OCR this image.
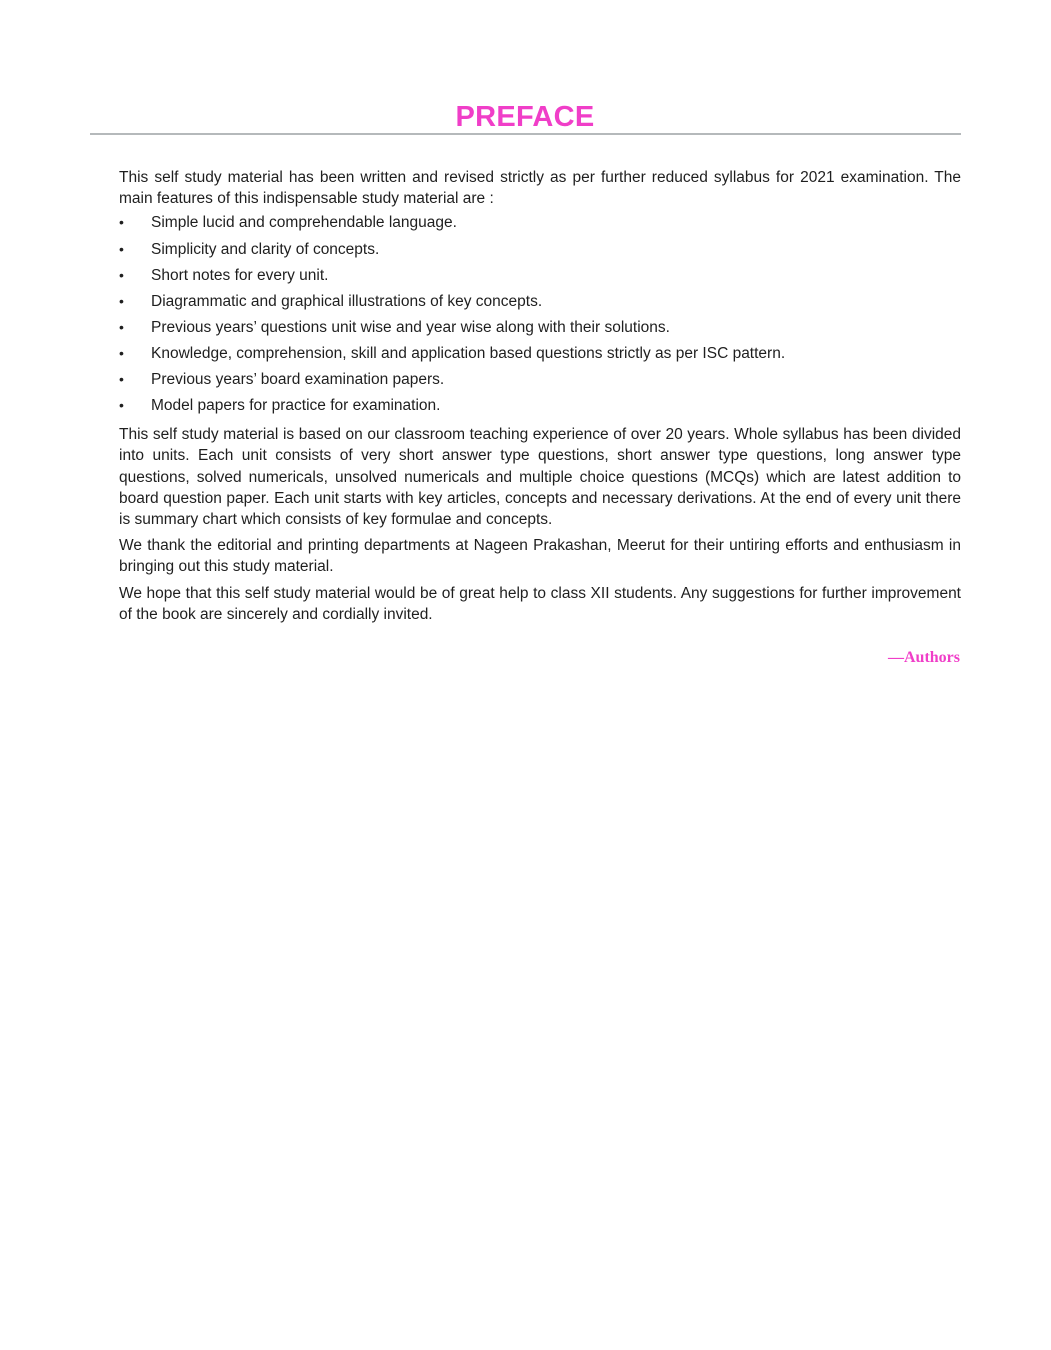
PREFACE

This self study material has been written and revised strictly as per further reduced syllabus for 2021 examination. The main features of this indispensable study material are :

• Simple lucid and comprehendable language.
• Simplicity and clarity of concepts.
• Short notes for every unit.
• Diagrammatic and graphical illustrations of key concepts.
• Previous years’ questions unit wise and year wise along with their solutions.
• Knowledge, comprehension, skill and application based questions strictly as per ISC pattern.
• Previous years’ board examination papers.
• Model papers for practice for examination.

This self study material is based on our classroom teaching experience of over 20 years. Whole syllabus has been divided into units. Each unit consists of very short answer type questions, short answer type questions, long answer type questions, solved numericals, unsolved numericals and multiple choice questions (MCQs) which are latest addition to board question paper. Each unit starts with key articles, concepts and necessary derivations. At the end of every unit there is summary chart which consists of key formulae and concepts.

We thank the editorial and printing departments at Nageen Prakashan, Meerut for their untiring efforts and enthusiasm in bringing out this study material.

We hope that this self study material would be of great help to class XII students. Any suggestions for further improvement of the book are sincerely and cordially invited.

—Authors
